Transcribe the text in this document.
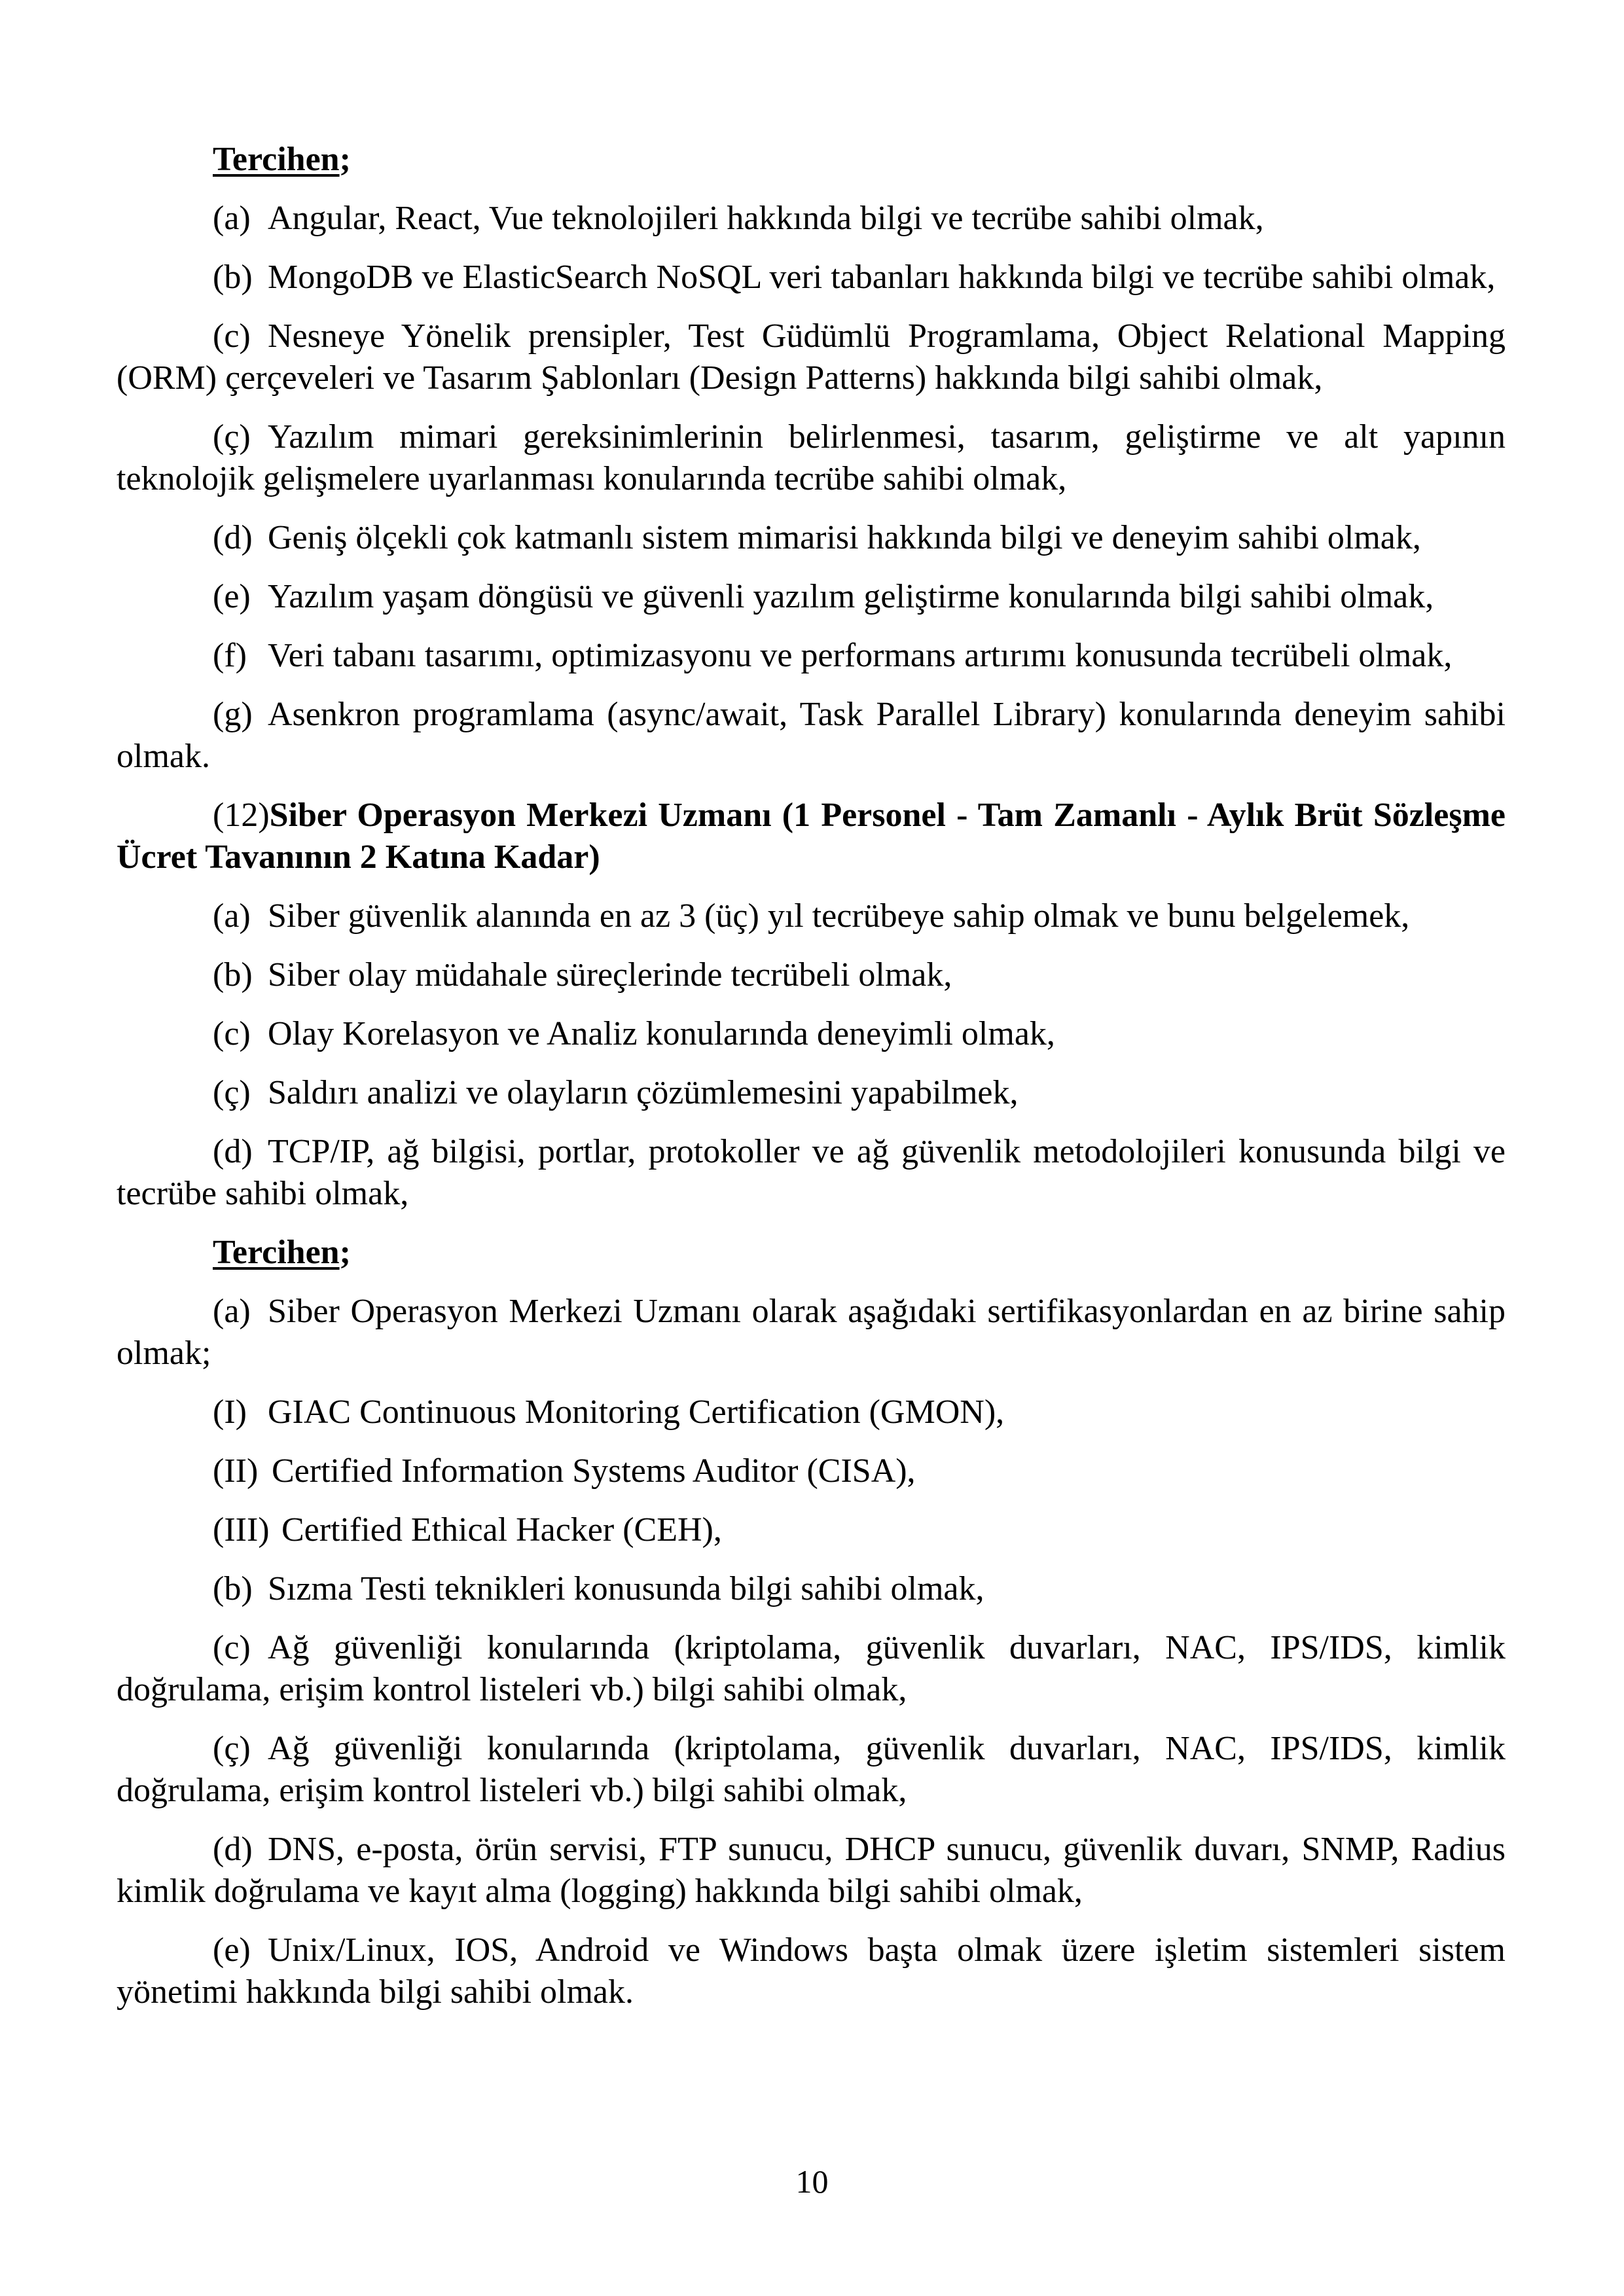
Tercihen;
(a) Angular, React, Vue teknolojileri hakkında bilgi ve tecrübe sahibi olmak,
(b) MongoDB ve ElasticSearch NoSQL veri tabanları hakkında bilgi ve tecrübe sahibi olmak,
(c) Nesneye Yönelik prensipler, Test Güdümlü Programlama, Object Relational Mapping (ORM) çerçeveleri ve Tasarım Şablonları (Design Patterns) hakkında bilgi sahibi olmak,
(ç) Yazılım mimari gereksinimlerinin belirlenmesi, tasarım, geliştirme ve alt yapının teknolojik gelişmelere uyarlanması konularında tecrübe sahibi olmak,
(d) Geniş ölçekli çok katmanlı sistem mimarisi hakkında bilgi ve deneyim sahibi olmak,
(e) Yazılım yaşam döngüsü ve güvenli yazılım geliştirme konularında bilgi sahibi olmak,
(f) Veri tabanı tasarımı, optimizasyonu ve performans artırımı konusunda tecrübeli olmak,
(g) Asenkron programlama (async/await, Task Parallel Library) konularında deneyim sahibi olmak.
(12)Siber Operasyon Merkezi Uzmanı (1 Personel - Tam Zamanlı - Aylık Brüt Sözleşme Ücret Tavanının 2 Katına Kadar)
(a) Siber güvenlik alanında en az 3 (üç) yıl tecrübeye sahip olmak ve bunu belgelemek,
(b) Siber olay müdahale süreçlerinde tecrübeli olmak,
(c) Olay Korelasyon ve Analiz konularında deneyimli olmak,
(ç) Saldırı analizi ve olayların çözümlemesini yapabilmek,
(d) TCP/IP, ağ bilgisi, portlar, protokoller ve ağ güvenlik metodolojileri konusunda bilgi ve tecrübe sahibi olmak,
Tercihen;
(a) Siber Operasyon Merkezi Uzmanı olarak aşağıdaki sertifikasyonlardan en az birine sahip olmak;
(I) GIAC Continuous Monitoring Certification (GMON),
(II) Certified Information Systems Auditor (CISA),
(III) Certified Ethical Hacker (CEH),
(b) Sızma Testi teknikleri konusunda bilgi sahibi olmak,
(c) Ağ güvenliği konularında (kriptolama, güvenlik duvarları, NAC, IPS/IDS, kimlik doğrulama, erişim kontrol listeleri vb.) bilgi sahibi olmak,
(ç) Ağ güvenliği konularında (kriptolama, güvenlik duvarları, NAC, IPS/IDS, kimlik doğrulama, erişim kontrol listeleri vb.) bilgi sahibi olmak,
(d) DNS, e-posta, örün servisi, FTP sunucu, DHCP sunucu, güvenlik duvarı, SNMP, Radius kimlik doğrulama ve kayıt alma (logging) hakkında bilgi sahibi olmak,
(e) Unix/Linux, IOS, Android ve Windows başta olmak üzere işletim sistemleri sistem yönetimi hakkında bilgi sahibi olmak.
10
